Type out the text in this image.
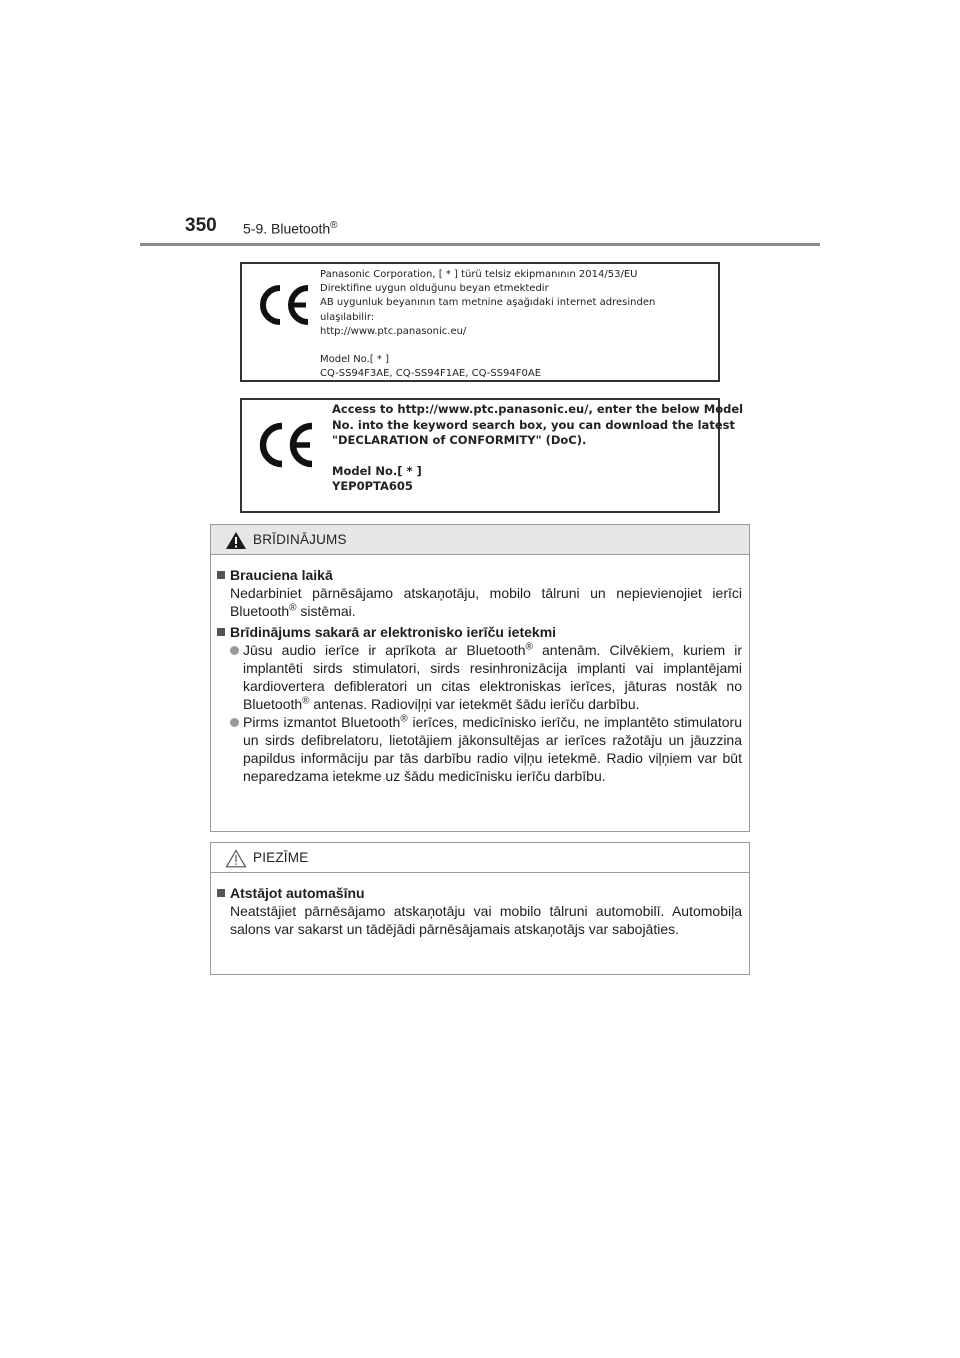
350 5-9. Bluetooth®

Panasonic Corporation, [ * ] türü telsiz ekipmanının 2014/53/EU
Direktifine uygun olduğunu beyan etmektedir
AB uygunluk beyanının tam metnine aşağıdaki internet adresinden
ulaşılabilir:
http://www.ptc.panasonic.eu/
Model No.[ * ]
CQ-SS94F3AE, CQ-SS94F1AE, CQ-SS94F0AE

Access to http://www.ptc.panasonic.eu/, enter the below Model
No. into the keyword search box, you can download the latest
"DECLARATION of CONFORMITY" (DoC).
Model No.[ * ]
YEP0PTA605

BRĪDINĀJUMS
Brauciena laikā

Nedarbiniet pārnēsājamo atskaņotāju, mobilo tālruni un nepievienojiet ierīci Bluetooth® sistēmai.

Brīdinājums sakarā ar elektronisko ierīču ietekmi
Jūsu audio ierīce ir aprīkota ar Bluetooth® antenām. Cilvēkiem, kuriem ir implantēti sirds stimulatori, sirds resinhronizācija implanti vai implantējami kardiovertera defibleratori un citas elektroniskas ierīces, jāturas nostāk no Bluetooth® antenas. Radioviļņi var ietekmēt šādu ierīču darbību.
Pirms izmantot Bluetooth® ierīces, medicīnisko ierīču, ne implantēto stimulatoru un sirds defibrelatoru, lietotājiem jākonsultējas ar ierīces ražotāju un jāuzzina papildus informāciju par tās darbību radio viļņu ietekmē. Radio viļņiem var būt neparedzama ietekme uz šādu medicīnisku ierīču darbību.
PIEZĪME
Atstājot automašīnu

Neatstājiet pārnēsājamo atskaņotāju vai mobilo tālruni automobilī. Automobiļa salons var sakarst un tādējādi pārnēsājamais atskaņotājs var sabojāties.
